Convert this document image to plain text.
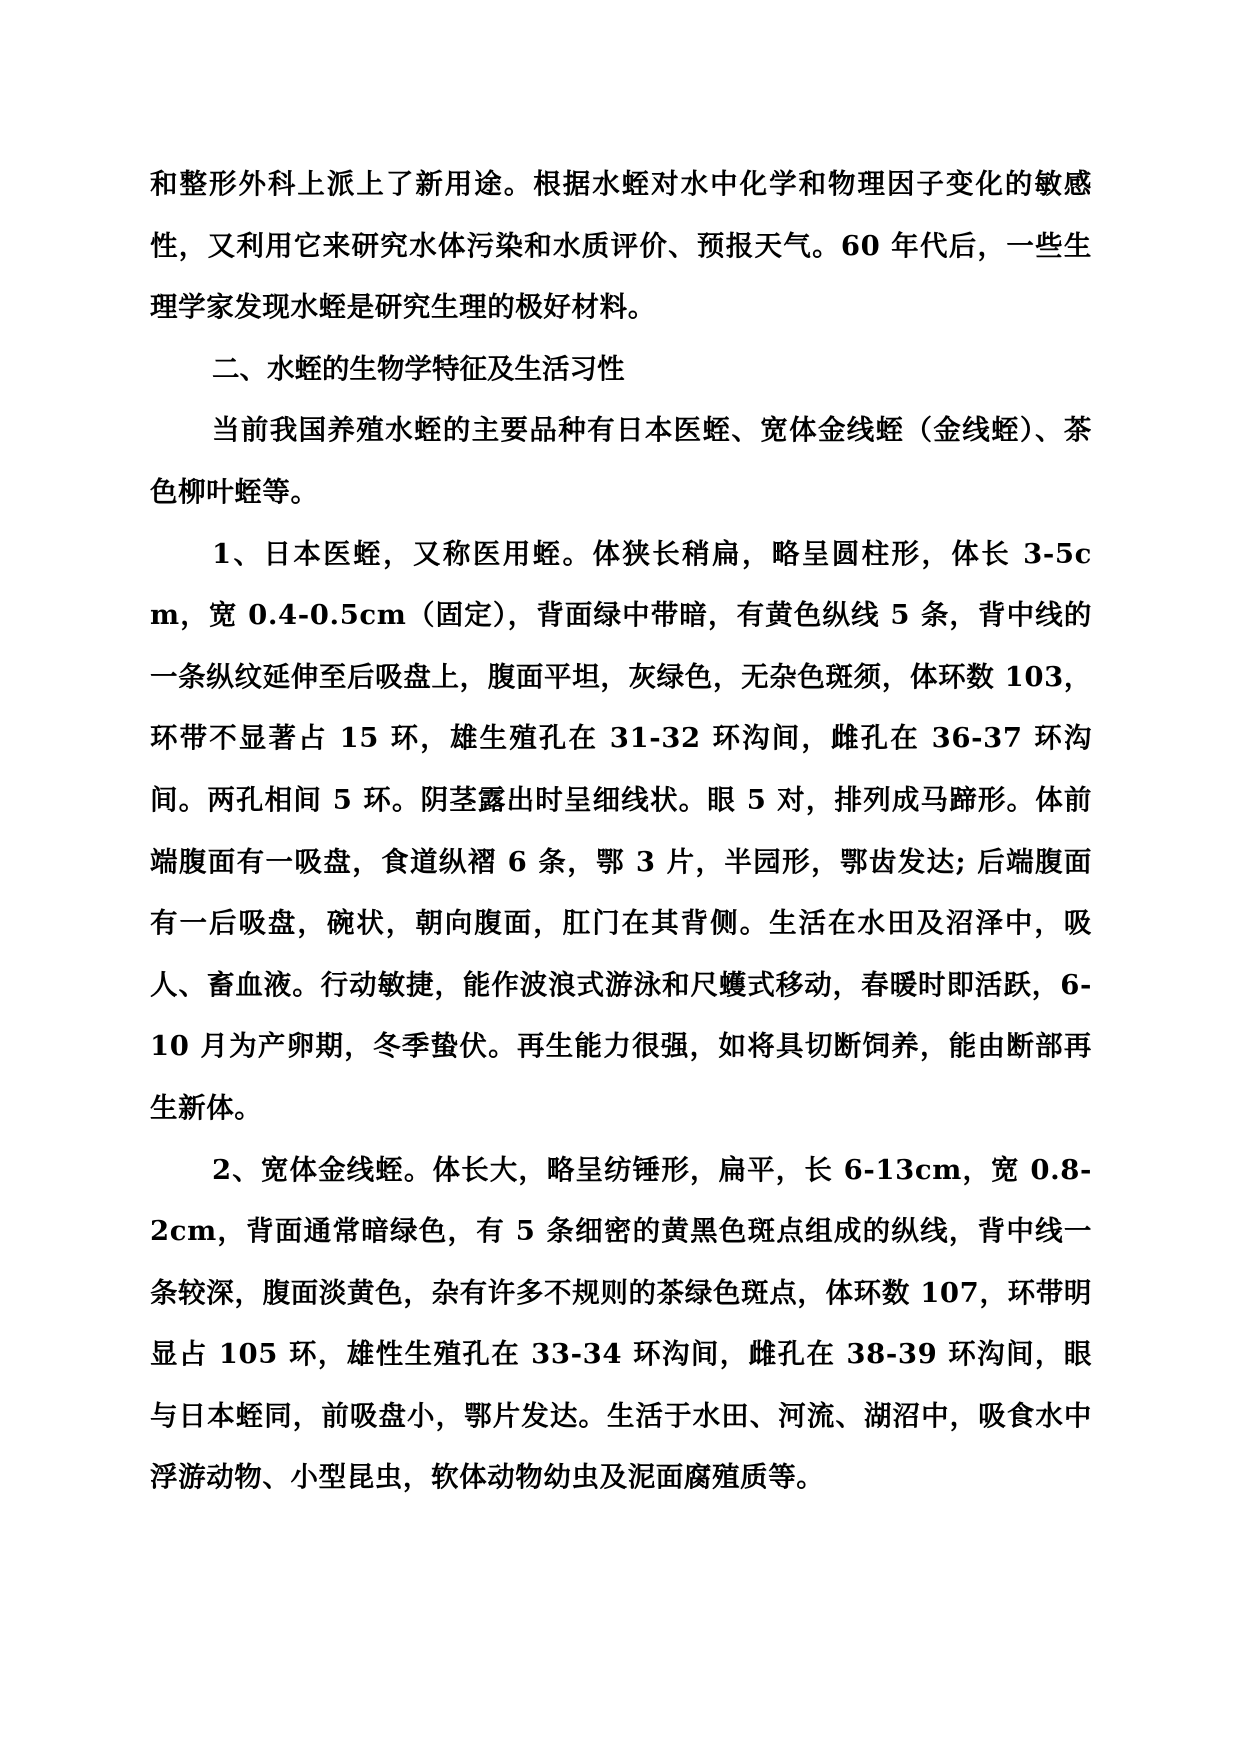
和整形外科上派上了新用途。根据水蛭对水中化学和物理因子变化的敏感性，又利用它来研究水体污染和水质评价、预报天气。60 年代后，一些生理学家发现水蛭是研究生理的极好材料。

二、水蛭的生物学特征及生活习性

当前我国养殖水蛭的主要品种有日本医蛭、宽体金线蛭（金线蛭）、茶色柳叶蛭等。

1、日本医蛭，又称医用蛭。体狭长稍扁，略呈圆柱形，体长 3-5cm，宽 0.4-0.5cm（固定），背面绿中带暗，有黄色纵线 5 条，背中线的一条纵纹延伸至后吸盘上，腹面平坦，灰绿色，无杂色斑须，体环数 103，环带不显著占 15 环，雄生殖孔在 31-32 环沟间，雌孔在 36-37 环沟间。两孔相间 5 环。阴茎露出时呈细线状。眼 5 对，排列成马蹄形。体前端腹面有一吸盘，食道纵褶 6 条，鄂 3 片，半园形，鄂齿发达; 后端腹面有一后吸盘，碗状，朝向腹面，肛门在其背侧。生活在水田及沼泽中，吸人、畜血液。行动敏捷，能作波浪式游泳和尺蠖式移动，春暖时即活跃，6-10 月为产卵期，冬季蛰伏。再生能力很强，如将具切断饲养，能由断部再生新体。

2、宽体金线蛭。体长大，略呈纺锤形，扁平，长 6-13cm，宽 0.8-2cm，背面通常暗绿色，有 5 条细密的黄黑色斑点组成的纵线，背中线一条较深，腹面淡黄色，杂有许多不规则的茶绿色斑点，体环数 107，环带明显占 105 环，雄性生殖孔在 33-34 环沟间，雌孔在 38-39 环沟间，眼与日本蛭同，前吸盘小，鄂片发达。生活于水田、河流、湖沼中，吸食水中浮游动物、小型昆虫，软体动物幼虫及泥面腐殖质等。
